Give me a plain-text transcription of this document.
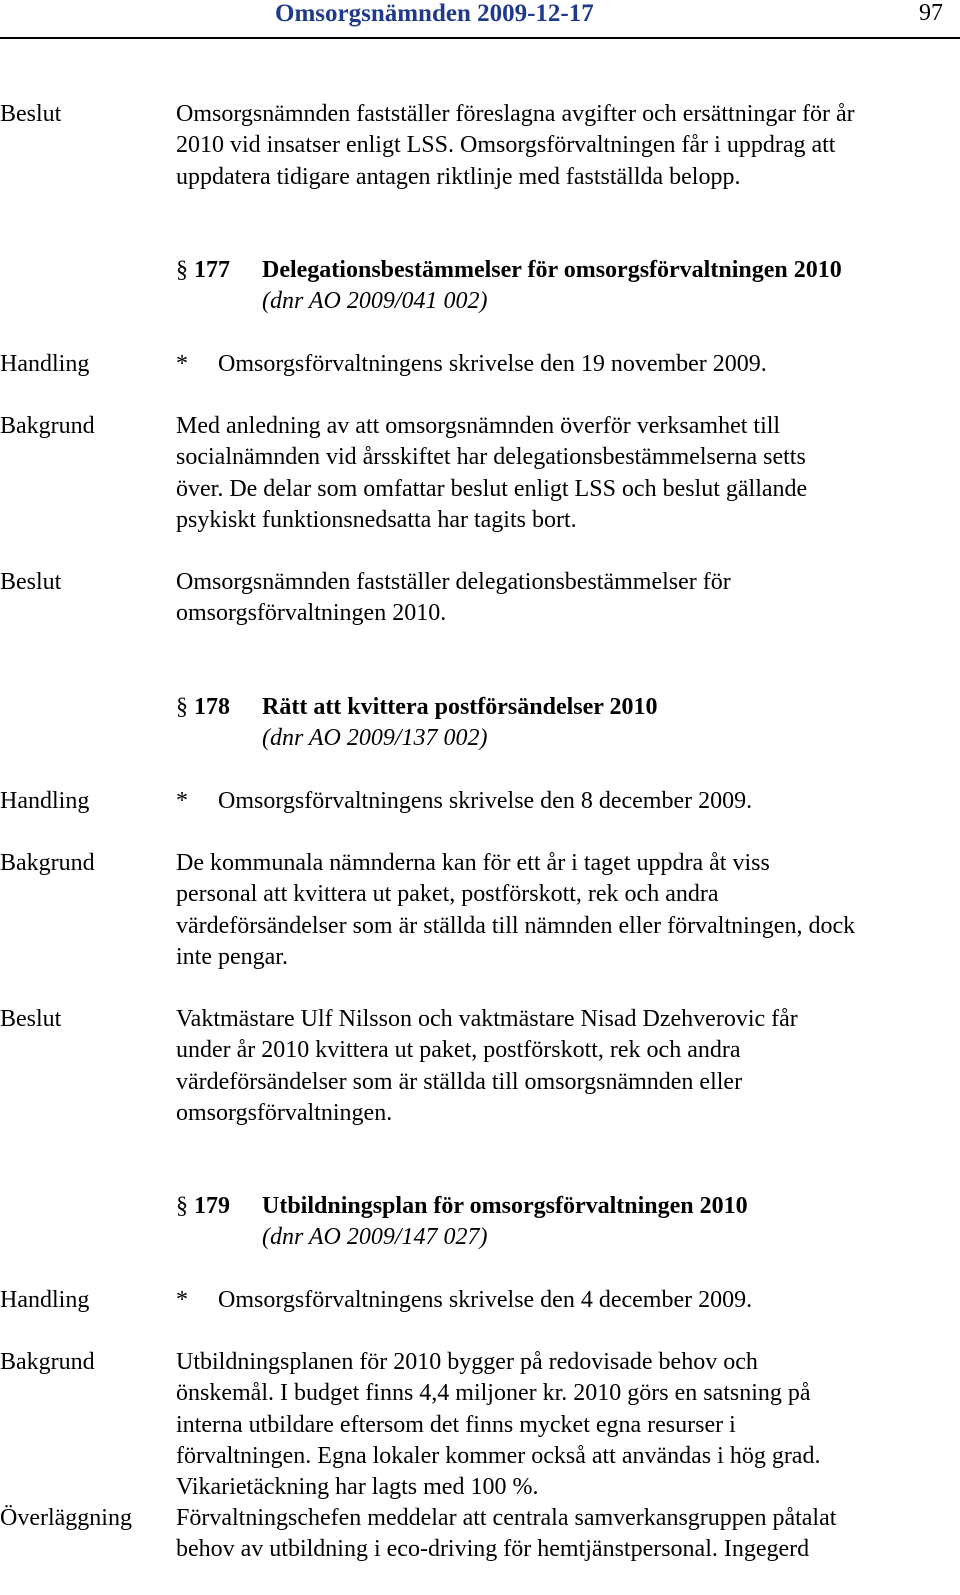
Omsorgsnämnden 2009-12-17	97
Beslut	Omsorgsnämnden fastställer föreslagna avgifter och ersättningar för år

2010 vid insatser enligt LSS. Omsorgsförvaltningen får i uppdrag att

uppdatera tidigare antagen riktlinje med fastställda belopp.

§ 177 Delegationsbestämmelser för omsorgsförvaltningen 2010
(dnr AO 2009/041 002)
Handling	* Omsorgsförvaltningens skrivelse den 19 november 2009.
Bakgrund	Med anledning av att omsorgsnämnden överför verksamhet till

socialnämnden vid årsskiftet har delegationsbestämmelserna setts

över. De delar som omfattar beslut enligt LSS och beslut gällande

psykiskt funktionsnedsatta har tagits bort.

Beslut	Omsorgsnämnden fastställer delegationsbestämmelser för

omsorgsförvaltningen 2010.

§ 178 Rätt att kvittera postförsändelser 2010
(dnr AO 2009/137 002)
Handling	* Omsorgsförvaltningens skrivelse den 8 december 2009.
Bakgrund	De kommunala nämnderna kan för ett år i taget uppdra åt viss

personal att kvittera ut paket, postförskott, rek och andra

värdeförsändelser som är ställda till nämnden eller förvaltningen, dock

inte pengar.

Beslut	Vaktmästare Ulf Nilsson och vaktmästare Nisad Dzehverovic får

under år 2010 kvittera ut paket, postförskott, rek och andra

värdeförsändelser som är ställda till omsorgsnämnden eller

omsorgsförvaltningen.

§ 179 Utbildningsplan för omsorgsförvaltningen 2010
(dnr AO 2009/147 027)
Handling	* Omsorgsförvaltningens skrivelse den 4 december 2009.
Bakgrund	Utbildningsplanen för 2010 bygger på redovisade behov och

önskemål. I budget finns 4,4 miljoner kr. 2010 görs en satsning på

interna utbildare eftersom det finns mycket egna resurser i

förvaltningen. Egna lokaler kommer också att användas i hög grad.

Vikarietäckning har lagts med 100 %.

Överläggning Förvaltningschefen meddelar att centrala samverkansgruppen påtalat

behov av utbildning i eco-driving för hemtjänstpersonal. Ingegerd
